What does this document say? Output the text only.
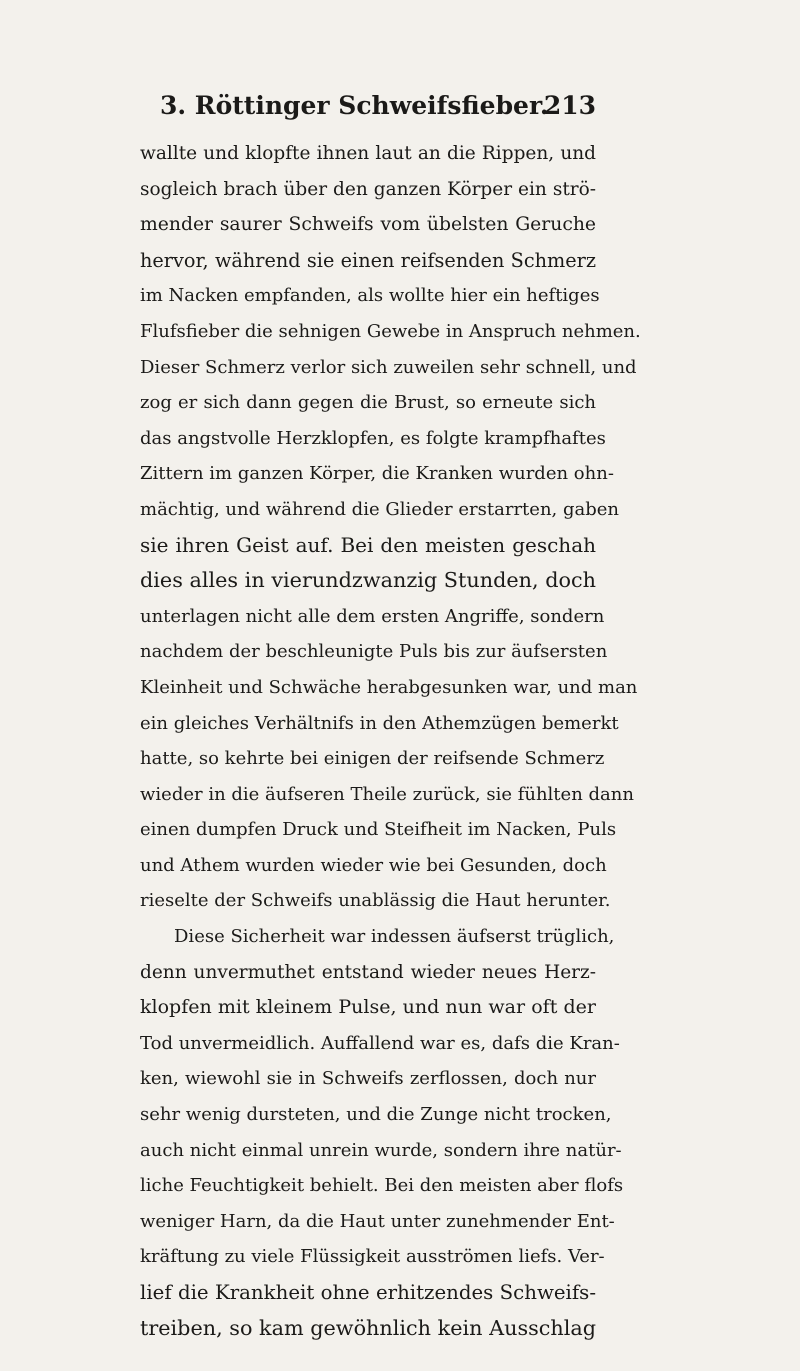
3. Röttinger Schweifsfieber.
213
wallte und klopfte ihnen laut an die Rippen, und
sogleich brach über den ganzen Körper ein strö-
mender saurer Schweifs vom übelsten Geruche
hervor, während sie einen reifsenden Schmerz
im Nacken empfanden, als wollte hier ein heftiges
Flufsfieber die sehnigen Gewebe in Anspruch nehmen.
Dieser Schmerz verlor sich zuweilen sehr schnell, und
zog er sich dann gegen die Brust, so erneute sich
das angstvolle Herzklopfen, es folgte krampfhaftes
Zittern im ganzen Körper, die Kranken wurden ohn-
mächtig, und während die Glieder erstarrten, gaben
sie ihren Geist auf. Bei den meisten geschah
dies alles in vierundzwanzig Stunden, doch
unterlagen nicht alle dem ersten Angriffe, sondern
nachdem der beschleunigte Puls bis zur äufsersten
Kleinheit und Schwäche herabgesunken war, und man
ein gleiches Verhältnifs in den Athemzügen bemerkt
hatte, so kehrte bei einigen der reifsende Schmerz
wieder in die äufseren Theile zurück, sie fühlten dann
einen dumpfen Druck und Steifheit im Nacken, Puls
und Athem wurden wieder wie bei Gesunden, doch
rieselte der Schweifs unablässig die Haut herunter.
Diese Sicherheit war indessen äufserst trüglich,
denn unvermuthet entstand wieder neues Herz-
klopfen mit kleinem Pulse, und nun war oft der
Tod unvermeidlich. Auffallend war es, dafs die Kran-
ken, wiewohl sie in Schweifs zerflossen, doch nur
sehr wenig dursteten, und die Zunge nicht trocken,
auch nicht einmal unrein wurde, sondern ihre natür-
liche Feuchtigkeit behielt. Bei den meisten aber flofs
weniger Harn, da die Haut unter zunehmender Ent-
kräftung zu viele Flüssigkeit ausströmen liefs. Ver-
lief die Krankheit ohne erhitzendes Schweifs-
treiben, so kam gewöhnlich kein Ausschlag
